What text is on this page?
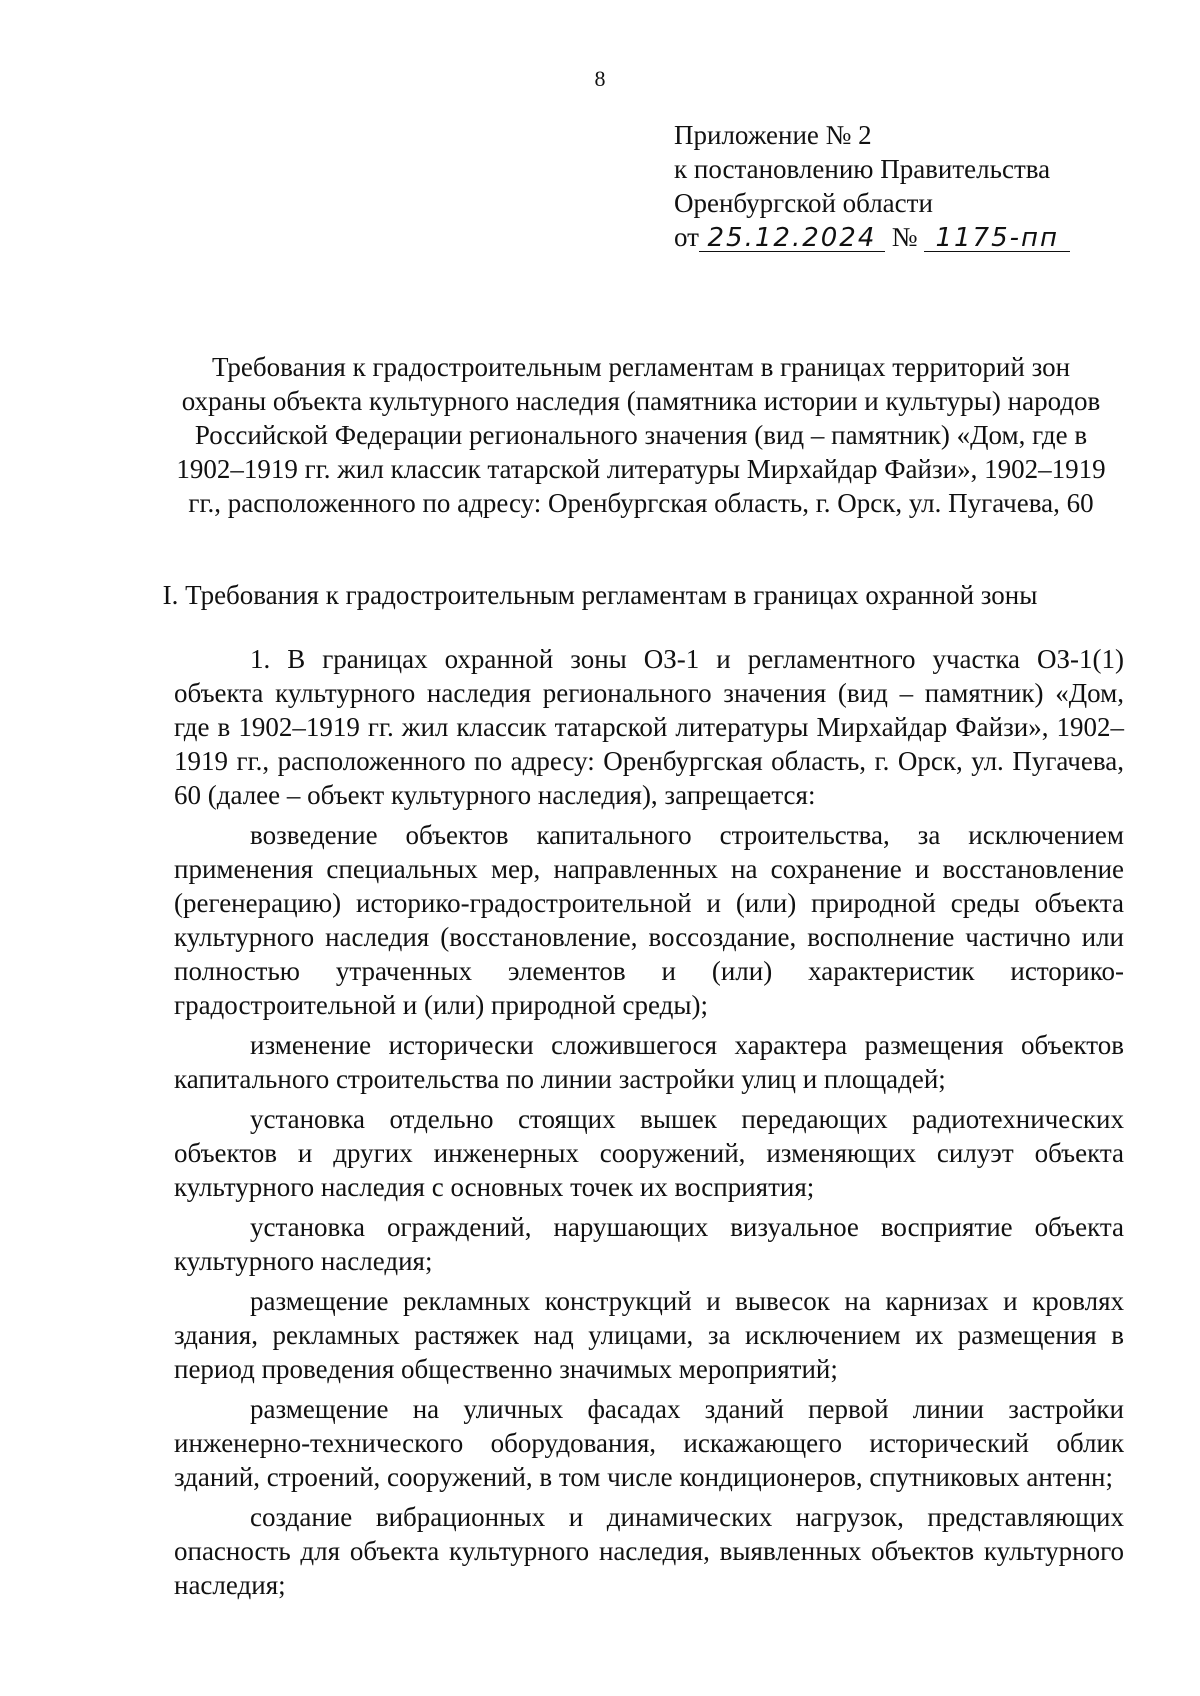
8
Приложение № 2
к постановлению Правительства
Оренбургской области
от 25.12.2024 № 1175-пп
Требования к градостроительным регламентам в границах территорий зон охраны объекта культурного наследия (памятника истории и культуры) народов Российской Федерации регионального значения (вид – памятник) «Дом, где в 1902–1919 гг. жил классик татарской литературы Мирхайдар Файзи», 1902–1919 гг., расположенного по адресу: Оренбургская область, г. Орск, ул. Пугачева, 60
I. Требования к градостроительным регламентам в границах охранной зоны

1. В границах охранной зоны ОЗ-1 и регламентного участка ОЗ-1(1) объекта культурного наследия регионального значения (вид – памятник) «Дом, где в 1902–1919 гг. жил классик татарской литературы Мирхайдар Файзи», 1902–1919 гг., расположенного по адресу: Оренбургская область, г. Орск, ул. Пугачева, 60 (далее – объект культурного наследия), запрещается:

возведение объектов капитального строительства, за исключением применения специальных мер, направленных на сохранение и восстановление (регенерацию) историко-градостроительной и (или) природной среды объекта культурного наследия (восстановление, воссоздание, восполнение частично или полностью утраченных элементов и (или) характеристик историко-градостроительной и (или) природной среды);

изменение исторически сложившегося характера размещения объектов капитального строительства по линии застройки улиц и площадей;

установка отдельно стоящих вышек передающих радиотехнических объектов и других инженерных сооружений, изменяющих силуэт объекта культурного наследия с основных точек их восприятия;

установка ограждений, нарушающих визуальное восприятие объекта культурного наследия;

размещение рекламных конструкций и вывесок на карнизах и кровлях здания, рекламных растяжек над улицами, за исключением их размещения в период проведения общественно значимых мероприятий;

размещение на уличных фасадах зданий первой линии застройки инженерно-технического оборудования, искажающего исторический облик зданий, строений, сооружений, в том числе кондиционеров, спутниковых антенн;

создание вибрационных и динамических нагрузок, представляющих опасность для объекта культурного наследия, выявленных объектов культурного наследия;
